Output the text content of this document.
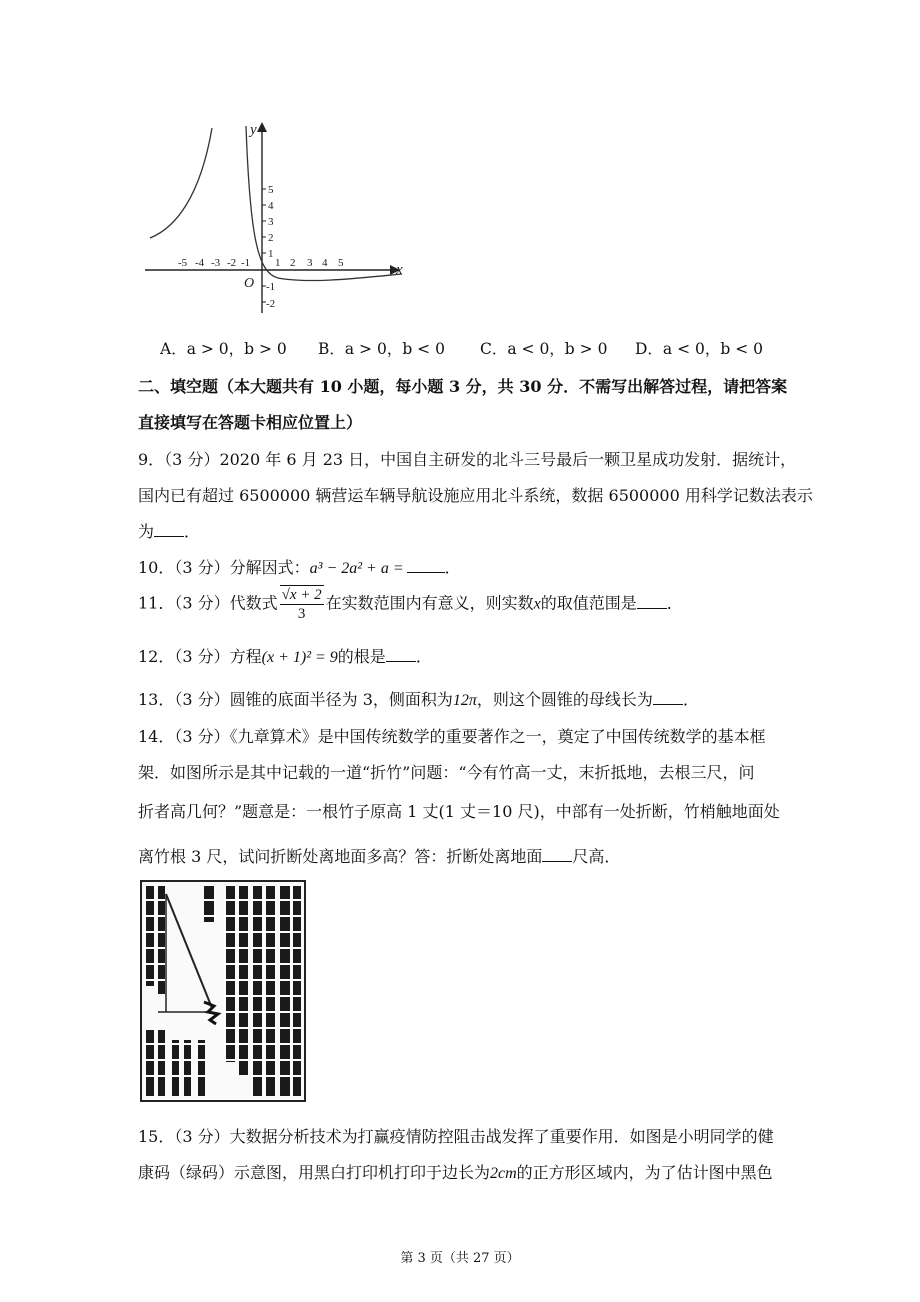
y
x
O
5
4
3
2
1
-1
-2
-5 -4 -3 -2 -1 1 2 3 4 5
A．a > 0，b > 0 B．a > 0，b < 0 C．a < 0，b > 0 D．a < 0，b < 0
二、填空题（本大题共有 10 小题，每小题 3 分，共 30 分．不需写出解答过程，请把答案
直接填写在答题卡相应位置上）
9．（3 分）2020 年 6 月 23 日，中国自主研发的北斗三号最后一颗卫星成功发射．据统计，
国内已有超过 6500000 辆营运车辆导航设施应用北斗系统，数据 6500000 用科学记数法表示
为 ．
10．（3 分）分解因式：a³ − 2a² + a =	．
11．（3 分）代数式 $\frac{√x + 2}{3}$ 在实数范围内有意义，则实数x的取值范围是 ．
12．（3 分）方程(x + 1)² = 9的根是 ．
13．（3 分）圆锥的底面半径为 3，侧面积为12π，则这个圆锥的母线长为 ．
14．（3 分）《九章算术》是中国传统数学的重要著作之一，奠定了中国传统数学的基本框
架．如图所示是其中记载的一道“折竹”问题：“今有竹高一丈，末折抵地，去根三尺，问
折者高几何？”题意是：一根竹子原高 1 丈(1 丈＝10 尺)，中部有一处折断，竹梢触地面处
离竹根 3 尺，试问折断处离地面多高？答：折断处离地面 尺高．
15．（3 分）大数据分析技术为打赢疫情防控阻击战发挥了重要作用．如图是小明同学的健
康码（绿码）示意图，用黑白打印机打印于边长为2cm的正方形区域内，为了估计图中黑色
第 3 页（共 27 页）
